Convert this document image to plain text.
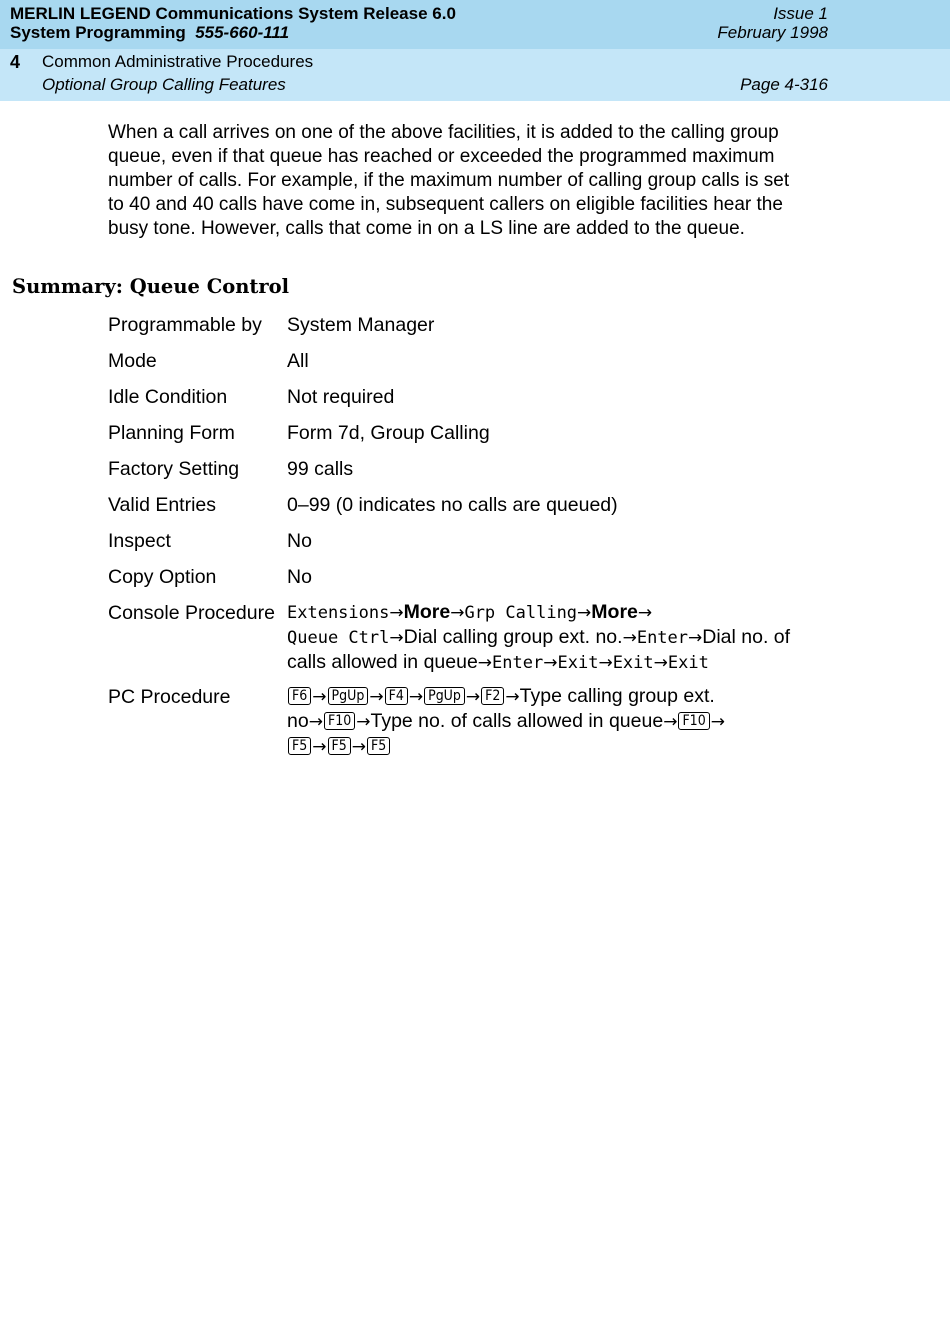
MERLIN LEGEND Communications System Release 6.0
System Programming 555-660-111
Issue 1
February 1998
4 Common Administrative Procedures
Optional Group Calling Features	Page 4-316
When a call arrives on one of the above facilities, it is added to the calling group
queue, even if that queue has reached or exceeded the programmed maximum
number of calls. For example, if the maximum number of calling group calls is set
to 40 and 40 calls have come in, subsequent callers on eligible facilities hear the
busy tone. However, calls that come in on a LS line are added to the queue.
Summary: Queue Control
Programmable by System Manager
Mode	All
Idle Condition	Not required
Planning Form	Form 7d, Group Calling
Factory Setting 99 calls
Valid Entries	0–99 (0 indicates no calls are queued)
Inspect	No
Copy Option	No
Console Procedure Extensions→More→Grp Calling→More→
Queue Ctrl→Dial calling group ext. no.→Enter→Dial no. of
calls allowed in queue→Enter→Exit→Exit→Exit
PC Procedure	F6 → PgUp → F4 → PgUp → F2 →Type calling group ext.
no→ F10 →Type no. of calls allowed in queue→ F10 →
F5 → F5 → F5
